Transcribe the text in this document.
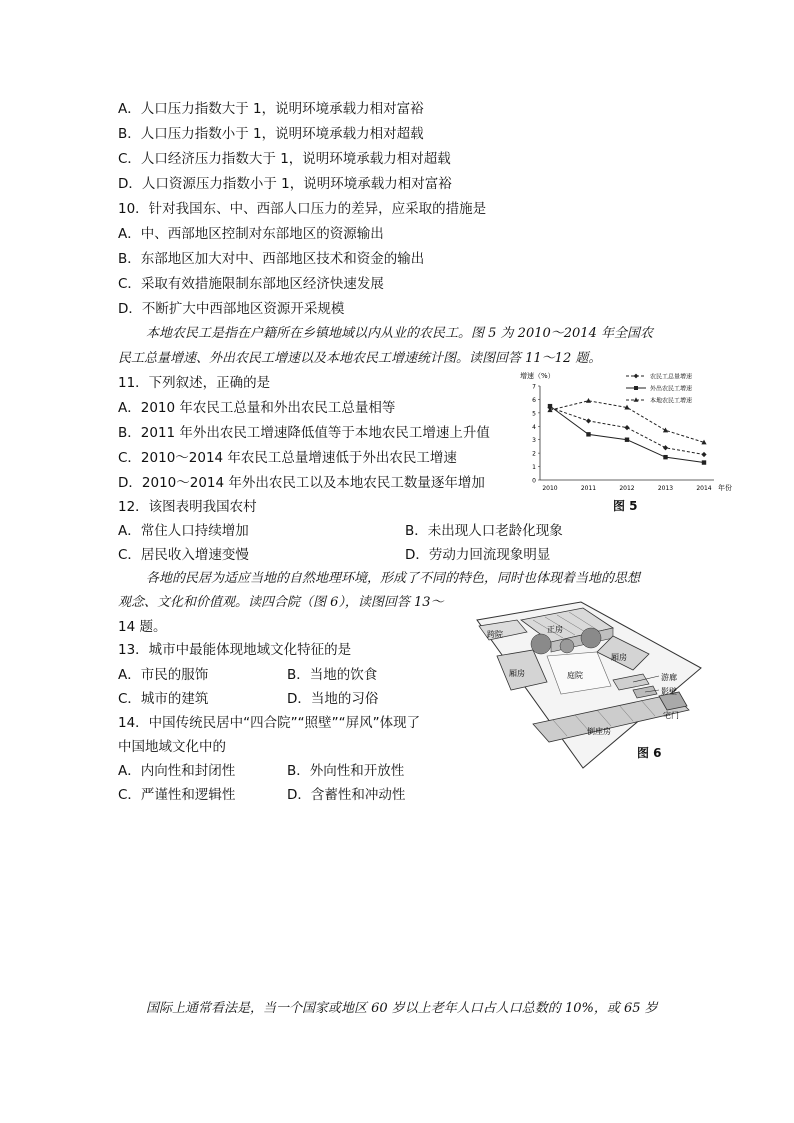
A．人口压力指数大于 1，说明环境承载力相对富裕
B．人口压力指数小于 1，说明环境承载力相对超载
C．人口经济压力指数大于 1，说明环境承载力相对超载
D．人口资源压力指数小于 1，说明环境承载力相对富裕
10．针对我国东、中、西部人口压力的差异，应采取的措施是
A．中、西部地区控制对东部地区的资源输出
B．东部地区加大对中、西部地区技术和资金的输出
C．采取有效措施限制东部地区经济快速发展
D．不断扩大中西部地区资源开采规模
本地农民工是指在户籍所在乡镇地域以内从业的农民工。图 5 为 2010～2014 年全国农
民工总量增速、外出农民工增速以及本地农民工增速统计图。读图回答 11～12 题。
11．下列叙述，正确的是
A．2010 年农民工总量和外出农民工总量相等
B．2011 年外出农民工增速降低值等于本地农民工增速上升值
C．2010～2014 年农民工总量增速低于外出农民工增速
D．2010～2014 年外出农民工以及本地农民工数量逐年增加	0
1
2
3
4
5
6
7
2010	2011	2012	2013	2014
农民工总量增速
外出农民工增速
本地农民工增速
增速（%）
年份
图 5
12．该图表明我国农村
A．常住人口持续增加	B．未出现人口老龄化现象
C．居民收入增速变慢	D．劳动力回流现象明显
各地的民居为适应当地的自然地理环境，形成了不同的特色，同时也体现着当地的思想
观念、文化和价值观。读四合院（图 6），读图回答 13～
14 题。
13．城市中最能体现地域文化特征的是
A．市民的服饰	B．当地的饮食
C．城市的建筑	D．当地的习俗
14．中国传统民居中“四合院”“照壁”“屏风”体现了
中国地域文化中的
A．内向性和封闭性	B．外向性和开放性
C．严谨性和逻辑性	D．含蓄性和冲动性
正房
跨院
厢房
厢房	庭院	游廊
影壁
宅门
倒座房
图 6
国际上通常看法是，当一个国家或地区 60 岁以上老年人口占人口总数的 10%，或 65 岁
